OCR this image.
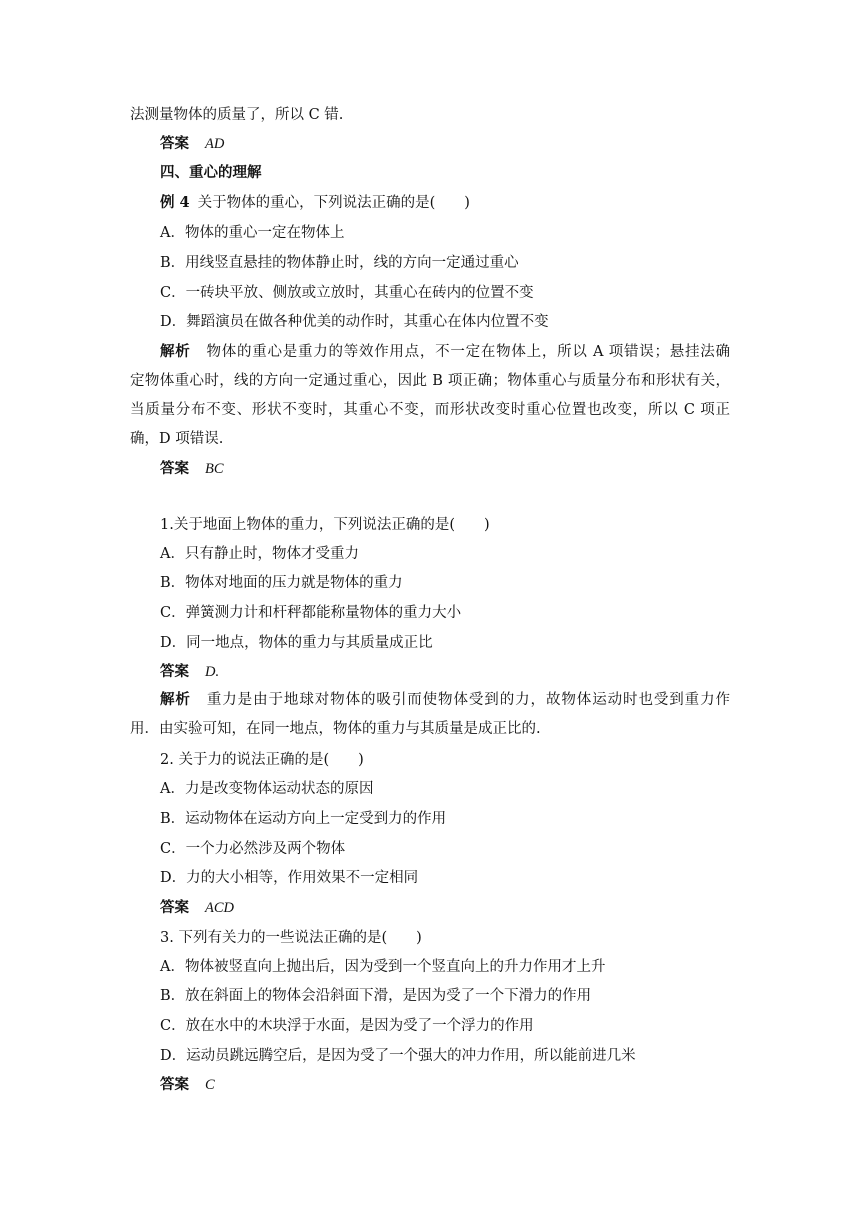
法测量物体的质量了，所以 C 错.
答案 AD
四、重心的理解
例 4 关于物体的重心，下列说法正确的是(　　)
A．物体的重心一定在物体上
B．用线竖直悬挂的物体静止时，线的方向一定通过重心
C．一砖块平放、侧放或立放时，其重心在砖内的位置不变
D．舞蹈演员在做各种优美的动作时，其重心在体内位置不变
解析 物体的重心是重力的等效作用点，不一定在物体上，所以 A 项错误；悬挂法确
定物体重心时，线的方向一定通过重心，因此 B 项正确；物体重心与质量分布和形状有关，
当质量分布不变、形状不变时，其重心不变，而形状改变时重心位置也改变，所以 C 项正
确，D 项错误.
答案 BC
1.关于地面上物体的重力，下列说法正确的是(　　)
A．只有静止时，物体才受重力
B．物体对地面的压力就是物体的重力
C．弹簧测力计和杆秤都能称量物体的重力大小
D．同一地点，物体的重力与其质量成正比
答案 D.
解析 重力是由于地球对物体的吸引而使物体受到的力，故物体运动时也受到重力作
用．由实验可知，在同一地点，物体的重力与其质量是成正比的.
2. 关于力的说法正确的是(　　)
A．力是改变物体运动状态的原因
B．运动物体在运动方向上一定受到力的作用
C．一个力必然涉及两个物体
D．力的大小相等，作用效果不一定相同
答案 ACD
3. 下列有关力的一些说法正确的是(　　)
A．物体被竖直向上抛出后，因为受到一个竖直向上的升力作用才上升
B．放在斜面上的物体会沿斜面下滑，是因为受了一个下滑力的作用
C．放在水中的木块浮于水面，是因为受了一个浮力的作用
D．运动员跳远腾空后，是因为受了一个强大的冲力作用，所以能前进几米
答案 C
